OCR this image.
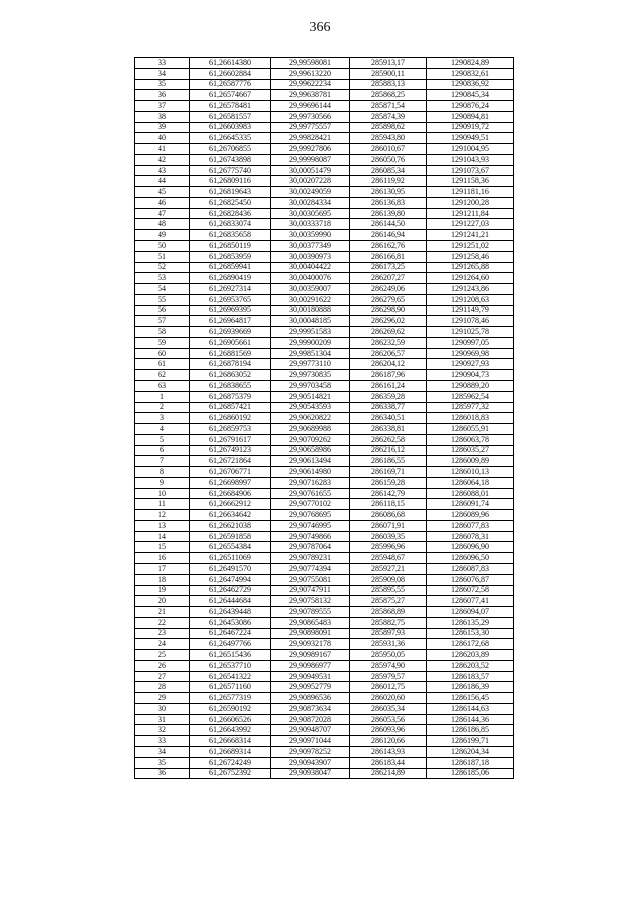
366
33	61,26614380	29,99598081	285913,17	1290824,89
34	61,26602884	29,99613220	285900,11	1290832,61
35	61,26587776	29,99622234	285883,13	1290836,92
36	61,26574667	29,99638781	285868,25	1290845,34
37	61,26578481	29,99696144	285871,54	1290876,24
38	61,26581557	29,99730566	285874,39	1290894,81
39	61,26603983	29,99775557	285898,62	1290919,72
40	61,26645335	29,99828421	285943,80	1290949,51
41	61,26706855	29,99927806	286010,67	1291004,95
42	61,26743898	29,99998087	286050,76	1291043,93
43	61,26775740	30,00051479	286085,34	1291073,67
44	61,26809116	30,00207228	286119,92	1291158,36
45	61,26819643	30,00249059	286130,95	1291181,16
46	61,26825450	30,00284334	286136,83	1291200,28
47	61,26828436	30,00305695	286139,80	1291211,84
48	61,26833074	30,00333718	286144,50	1291227,03
49	61,26835658	30,00359990	286146,94	1291241,21
50	61,26850119	30,00377349	286162,76	1291251,02
51	61,26853959	30,00390973	286166,81	1291258,46
52	61,26859941	30,00404422	286173,25	1291265,88
53	61,26890419	30,00400076	286207,27	1291264,60
54	61,26927314	30,00359007	286249,06	1291243,86
55	61,26953765	30,00291622	286279,65	1291208,63
56	61,26969395	30,00180888	286298,90	1291149,79
57	61,26964817	30,00048185	286296,02	1291078,46
58	61,26939669	29,99951583	286269,62	1291025,78
59	61,26905661	29,99900209	286232,59	1290997,05
60	61,26881569	29,99851304	286206,57	1290969,98
61	61,26878194	29,99773110	286204,12	1290927,93
62	61,26863052	29,99730835	286187,96	1290904,73
63	61,26838655	29,99703458	286161,24	1290889,20
1	61,26875379	29,90514821	286359,28	1285962,54
2	61,26857421	29,90543593	286338,77	1285977,32
3	61,26860192	29,90620822	286340,51	1286018,83
4	61,26859753	29,90689988	286338,81	1286055,91
5	61,26791617	29,90709262	286262,58	1286063,78
6	61,26749123	29,90658986	286216,12	1286035,27
7	61,26721864	29,90613494	286186,55	1286009,89
8	61,26706771	29,90614980	286169,71	1286010,13
9	61,26698997	29,90716283	286159,28	1286064,18
10	61,26684906	29,90761655	286142,79	1286088,01
11	61,26662912	29,90770102	286118,15	1286091,74
12	61,26634642	29,90768695	286086,68	1286089,96
13	61,26621038	29,90746995	286071,91	1286077,83
14	61,26591858	29,90749866	286039,35	1286078,31
15	61,26554384	29,90787064	285996,96	1286096,90
16	61,26511069	29,90789231	285948,67	1286096,50
17	61,26491570	29,90774394	285927,21	1286087,83
18	61,26474994	29,90755081	285909,08	1286076,87
19	61,26462729	29,90747911	285895,55	1286072,58
20	61,26444684	29,90758132	285875,27	1286077,41
21	61,26439448	29,90789555	285868,89	1286094,07
22	61,26453086	29,90865483	285882,75	1286135,29
23	61,26467224	29,90898091	285897,93	1286153,30
24	61,26497766	29,90932178	285931,36	1286172,68
25	61,26515436	29,90989167	285950,05	1286203,89
26	61,26537710	29,90986977	285974,90	1286203,52
27	61,26541322	29,90949531	285979,57	1286183,57
28	61,26571160	29,90952779	286012,75	1286186,39
29	61,26577319	29,90896536	286020,60	1286156,45
30	61,26590192	29,90873634	286035,34	1286144,63
31	61,26606526	29,90872028	286053,56	1286144,36
32	61,26643992	29,90948707	286093,96	1286186,85
33	61,26668314	29,90971044	286120,66	1286199,71
34	61,26689314	29,90978252	286143,93	1286204,34
35	61,26724249	29,90943907	286183,44	1286187,18
36	61,26752392	29,90938047	286214,89	1286185,06
